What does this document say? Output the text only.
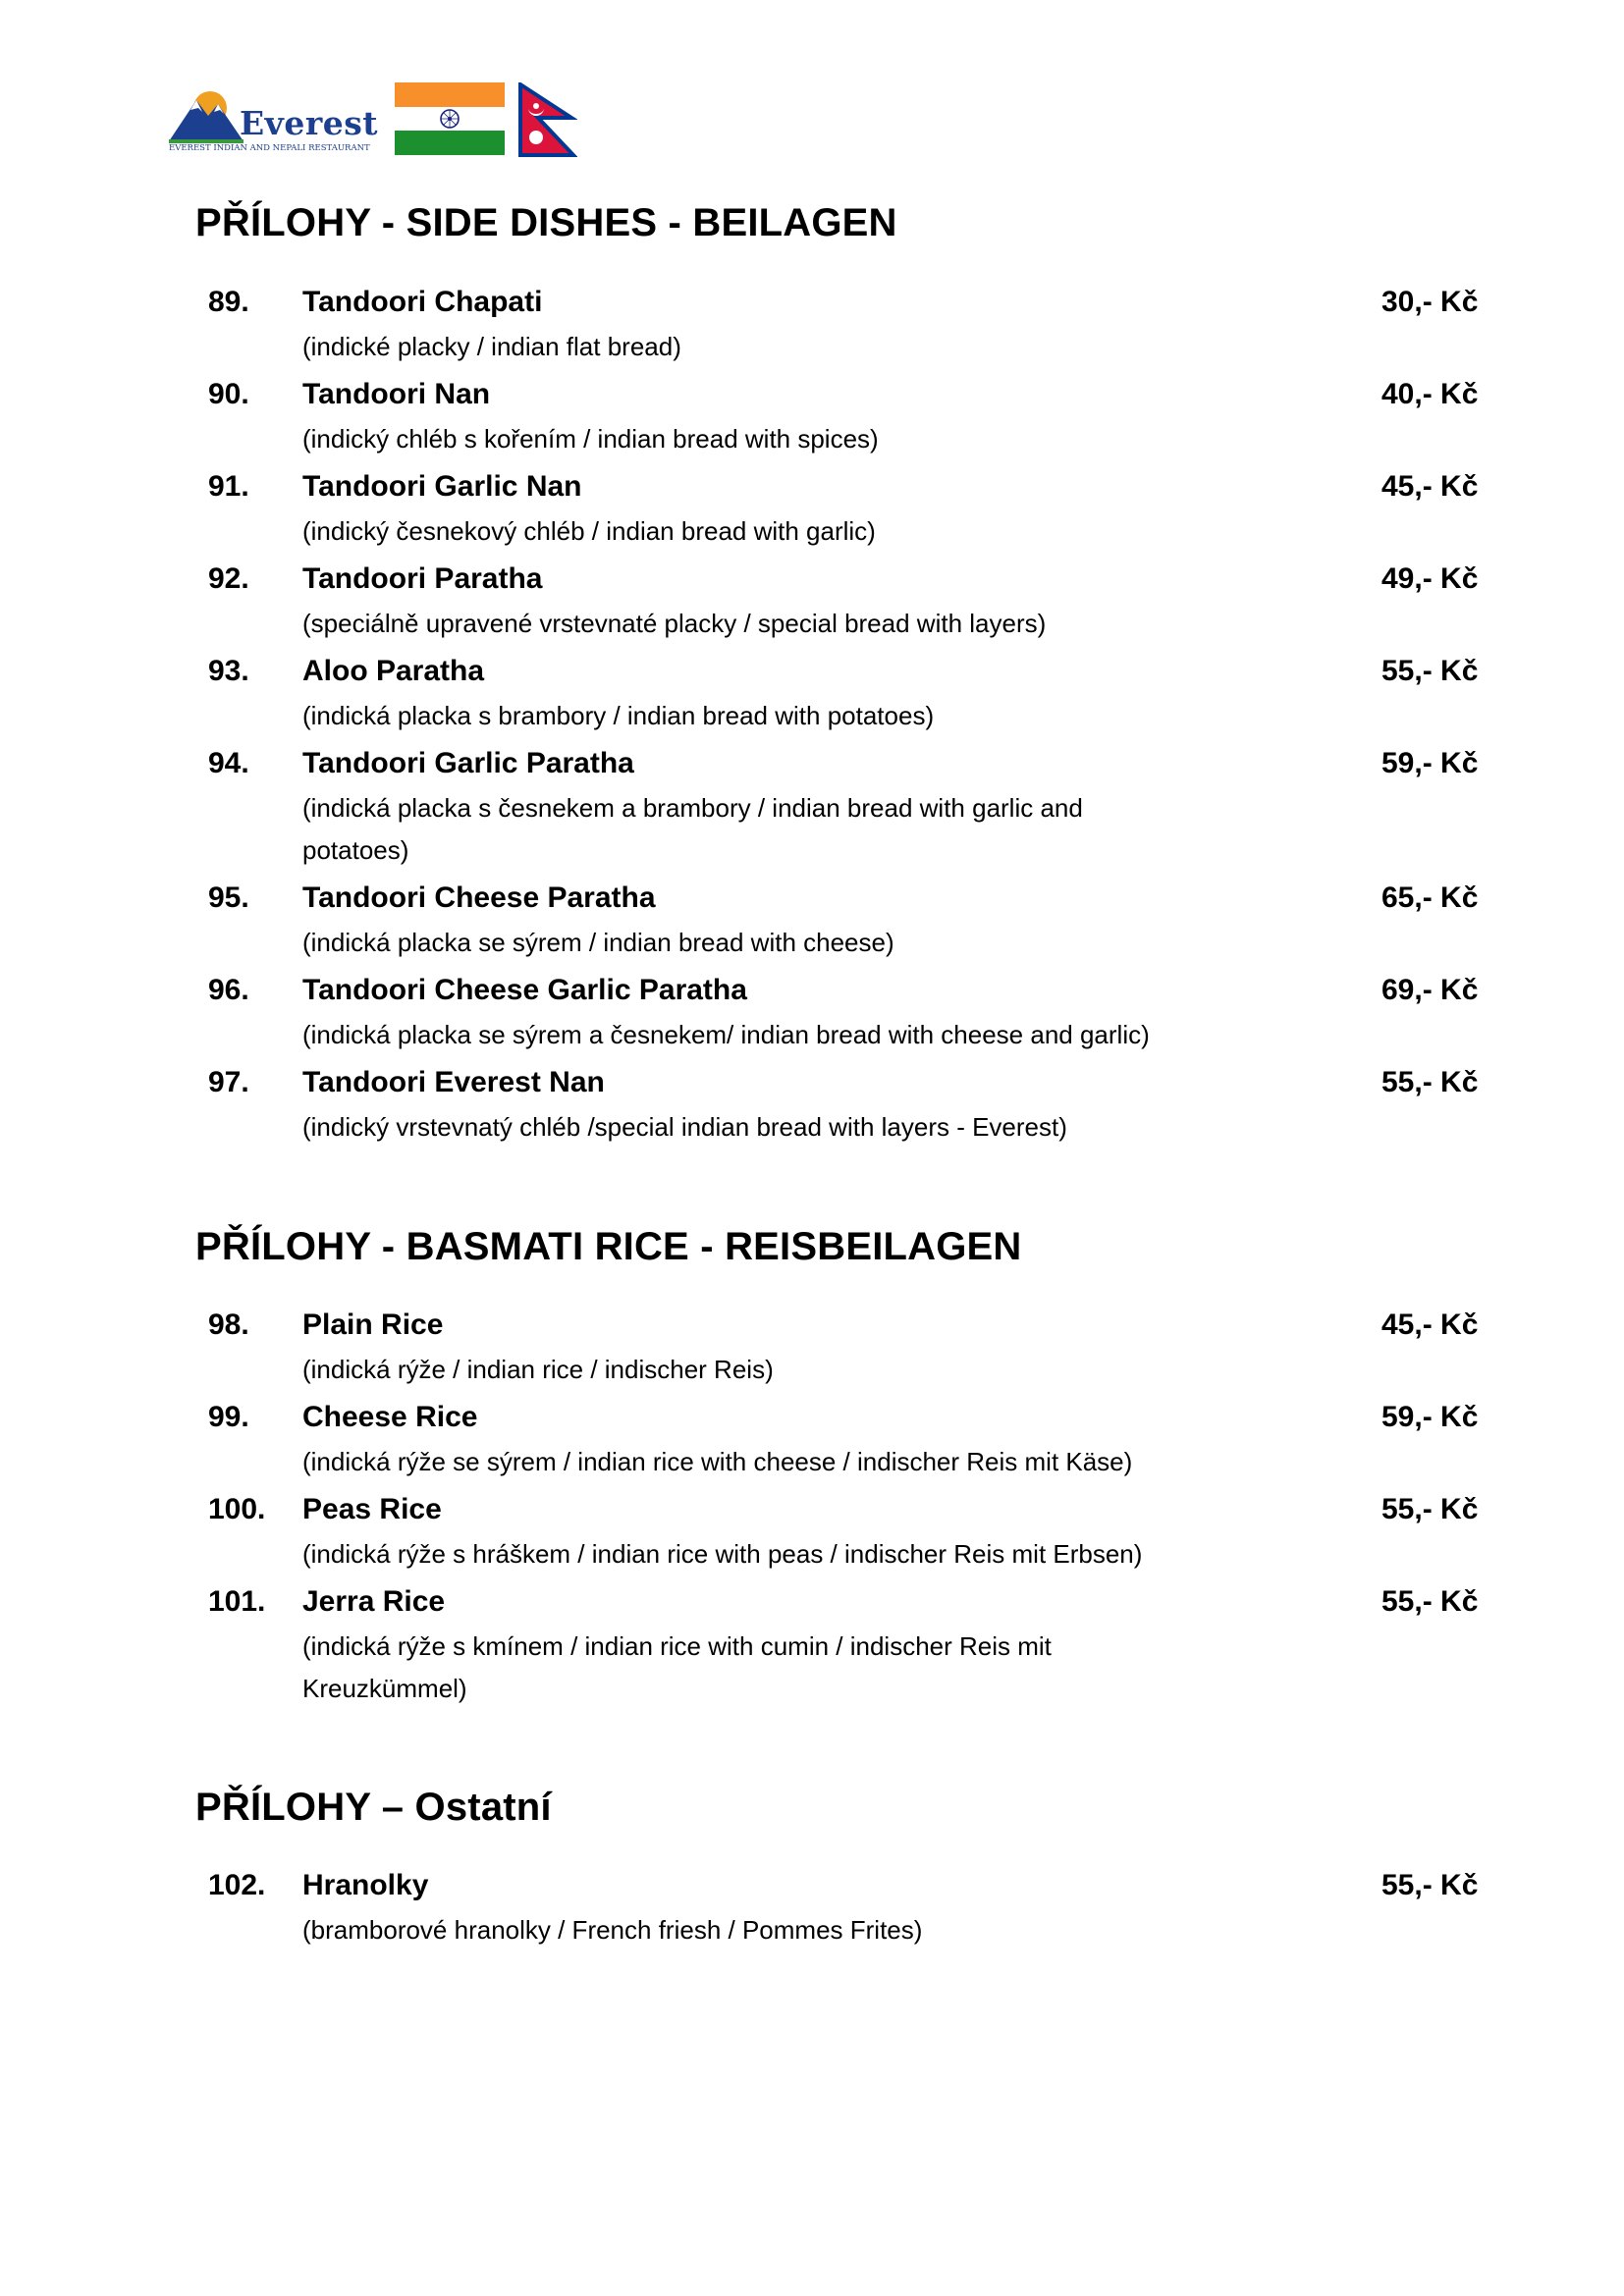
Everest
EVEREST INDIAN AND NEPALI RESTAURANT
PŘÍLOHY - SIDE DISHES - BEILAGEN
89. Tandoori Chapati	30,- Kč
(indické placky / indian flat bread)
90. Tandoori Nan	40,- Kč
(indický chléb s kořením / indian bread with spices)
91. Tandoori Garlic Nan	45,- Kč
(indický česnekový chléb / indian bread with garlic)
92. Tandoori Paratha	49,- Kč
(speciálně upravené vrstevnaté placky / special bread with layers)
93. Aloo Paratha	55,- Kč
(indická placka s brambory / indian bread with potatoes)
94. Tandoori Garlic Paratha	59,- Kč
(indická placka s česnekem a brambory / indian bread with garlic and potatoes)
95. Tandoori Cheese Paratha	65,- Kč
(indická placka se sýrem / indian bread with cheese)
96. Tandoori Cheese Garlic Paratha	69,- Kč
(indická placka se sýrem a česnekem/ indian bread with cheese and garlic)
97. Tandoori Everest Nan	55,- Kč
(indický vrstevnatý chléb /special indian bread with layers - Everest)
PŘÍLOHY - BASMATI RICE - REISBEILAGEN
98. Plain Rice	45,- Kč
(indická rýže / indian rice / indischer Reis)
99. Cheese Rice	59,- Kč
(indická rýže se sýrem / indian rice with cheese / indischer Reis mit Käse)
100. Peas Rice	55,- Kč
(indická rýže s hráškem / indian rice with peas / indischer Reis mit Erbsen)
101. Jerra Rice	55,- Kč
(indická rýže s kmínem / indian rice with cumin / indischer Reis mit Kreuzkümmel)
PŘÍLOHY – Ostatní
102. Hranolky	55,- Kč
(bramborové hranolky / French friesh / Pommes Frites)
